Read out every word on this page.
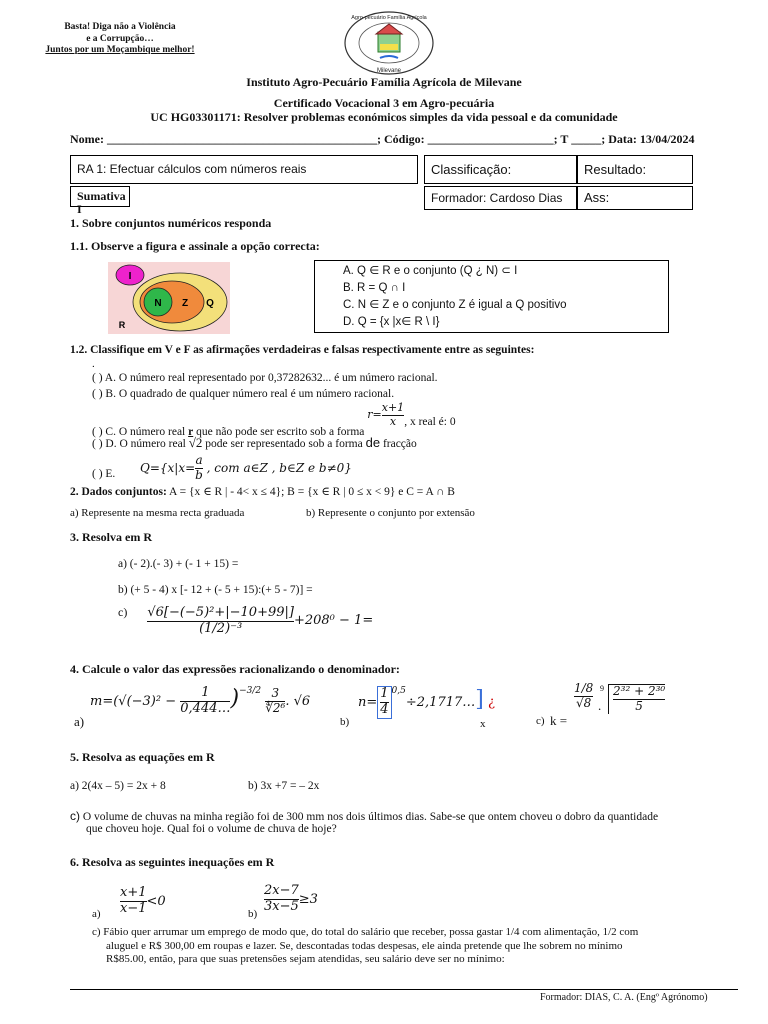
Basta! Diga não a Violência
e a Corrupção…
Juntos por um Moçambique melhor!
Agro-pecuário Família Agrícola
Milevane
Instituto Agro-Pecuário Família Agrícola de Milevane
Certificado Vocacional 3 em Agro-pecuária
UC HG03301171: Resolver problemas económicos simples da vida pessoal e da comunidade
Nome: _____________________________________________; Código: _____________________; T _____; Data: 13/04/2024
RA 1: Efectuar cálculos com números reais	Classificação:	Resultado:
Sumativa I
Formador: Cardoso Dias	Ass:
1. Sobre conjuntos numéricos responda
1.1. Observe a figura e assinale a opção correcta:
I
N Z Q
R
A. Q ∈ R e o conjunto (Q ¿ N) ⊂ I
B. R = Q ∩ I
C. N ∈ Z e o conjunto Z é igual a Q positivo
D. Q = {x |x∈ R \ I}
1.2. Classifique em V e F as afirmações verdadeiras e falsas respectivamente entre as seguintes:
.
( ) A. O número real representado por 0,37282632... é um número racional.
( ) B. O quadrado de qualquer número real é um número racional.
( ) C. O número real r que não pode ser escrito sob a forma $r= \frac{x+1}{x}$ , x real é: 0
( ) D. O número real √2 pode ser representado sob a forma de fracção
$Q=\{x|x= \frac{a}{b}$ , com a∈Z , b∈Z e b≠0}
( ) E.
2. Dados conjuntos: A = {x ∈ R | - 4< x ≤ 4}; B = {x ∈ R | 0 ≤ x < 9} e C = A ∩ B
a) Represente na mesma recta graduada	b) Represente o conjunto por extensão
3. Resolva em R
a) (- 2).(- 3) + (- 1 + 15) =
b) (+ 5 - 4) x [- 12 + (- 5 + 15):(+ 5 - 7)] =
$c) \frac{\text{√6[−(−5)²+|−10+99|]}}{\text{(1/2)⁻³}} +208^0 - 1=$
4. Calcule o valor das expressões racionalizando o denominador:
a)
$m=(√(-3)^2 - \frac{1}{0,444\dots} )^{-3/2} \frac{3}{\text{∜2⁶}}$ . √6
b)
$n= \frac{1}{4}$ $^{0,5}$÷2,1717…] ¿
x	c) k =
$\frac{1/8}{√8}$ .
$9 \frac{\text{2³² + 2³⁰}}{5}$
5. Resolva as equações em R
a) 2(4x – 5) = 2x + 8	b) 3x +7 = – 2x
c) O volume de chuvas na minha região foi de 300 mm nos dois últimos dias. Sabe-se que ontem choveu o dobro da quantidade
que choveu hoje. Qual foi o volume de chuva de hoje?
6. Resolva as seguintes inequações em R
$a) \frac{x+1}{x-1} <0$
$b) \frac{2x-7}{3x-5} \ge 3$
c) Fábio quer arrumar um emprego de modo que, do total do salário que receber, possa gastar 1/4 com alimentação, 1/2 com
aluguel e R$ 300,00 em roupas e lazer. Se, descontadas todas despesas, ele ainda pretende que lhe sobrem no mínimo
R$85.00, então, para que suas pretensões sejam atendidas, seu salário deve ser no mínimo:
Formador: DIAS, C. A. (Engº Agrónomo)
